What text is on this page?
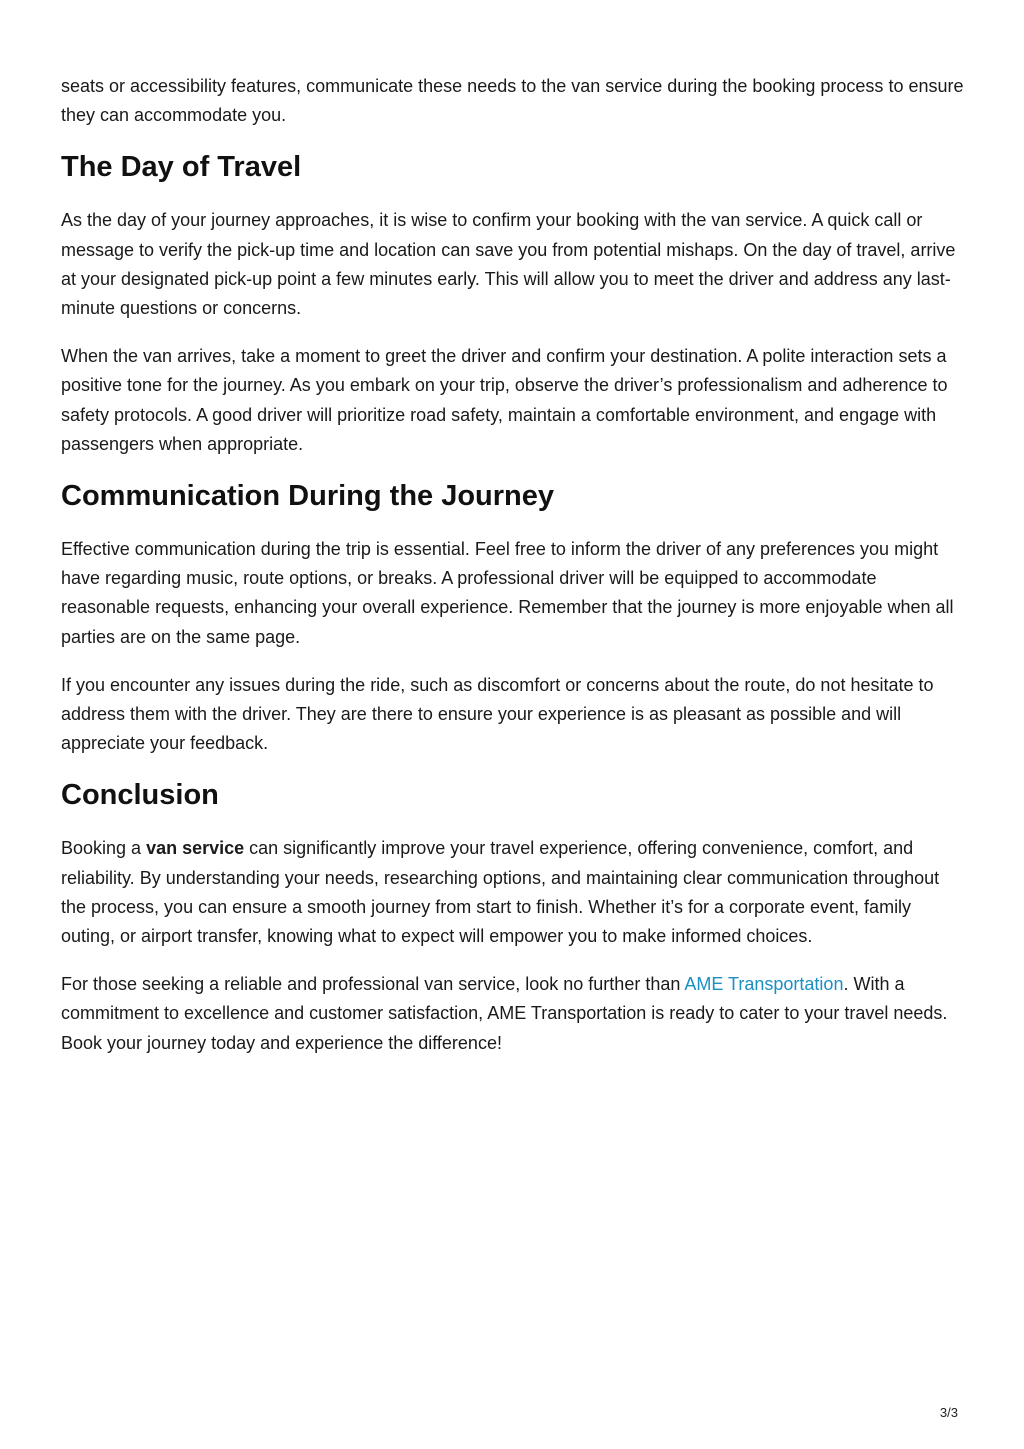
seats or accessibility features, communicate these needs to the van service during the booking process to ensure they can accommodate you.

The Day of Travel

As the day of your journey approaches, it is wise to confirm your booking with the van service. A quick call or message to verify the pick-up time and location can save you from potential mishaps. On the day of travel, arrive at your designated pick-up point a few minutes early. This will allow you to meet the driver and address any last-minute questions or concerns.

When the van arrives, take a moment to greet the driver and confirm your destination. A polite interaction sets a positive tone for the journey. As you embark on your trip, observe the driver’s professionalism and adherence to safety protocols. A good driver will prioritize road safety, maintain a comfortable environment, and engage with passengers when appropriate.

Communication During the Journey

Effective communication during the trip is essential. Feel free to inform the driver of any preferences you might have regarding music, route options, or breaks. A professional driver will be equipped to accommodate reasonable requests, enhancing your overall experience. Remember that the journey is more enjoyable when all parties are on the same page.

If you encounter any issues during the ride, such as discomfort or concerns about the route, do not hesitate to address them with the driver. They are there to ensure your experience is as pleasant as possible and will appreciate your feedback.

Conclusion

Booking a van service can significantly improve your travel experience, offering convenience, comfort, and reliability. By understanding your needs, researching options, and maintaining clear communication throughout the process, you can ensure a smooth journey from start to finish. Whether it’s for a corporate event, family outing, or airport transfer, knowing what to expect will empower you to make informed choices.

For those seeking a reliable and professional van service, look no further than AME Transportation. With a commitment to excellence and customer satisfaction, AME Transportation is ready to cater to your travel needs. Book your journey today and experience the difference!

3/3
